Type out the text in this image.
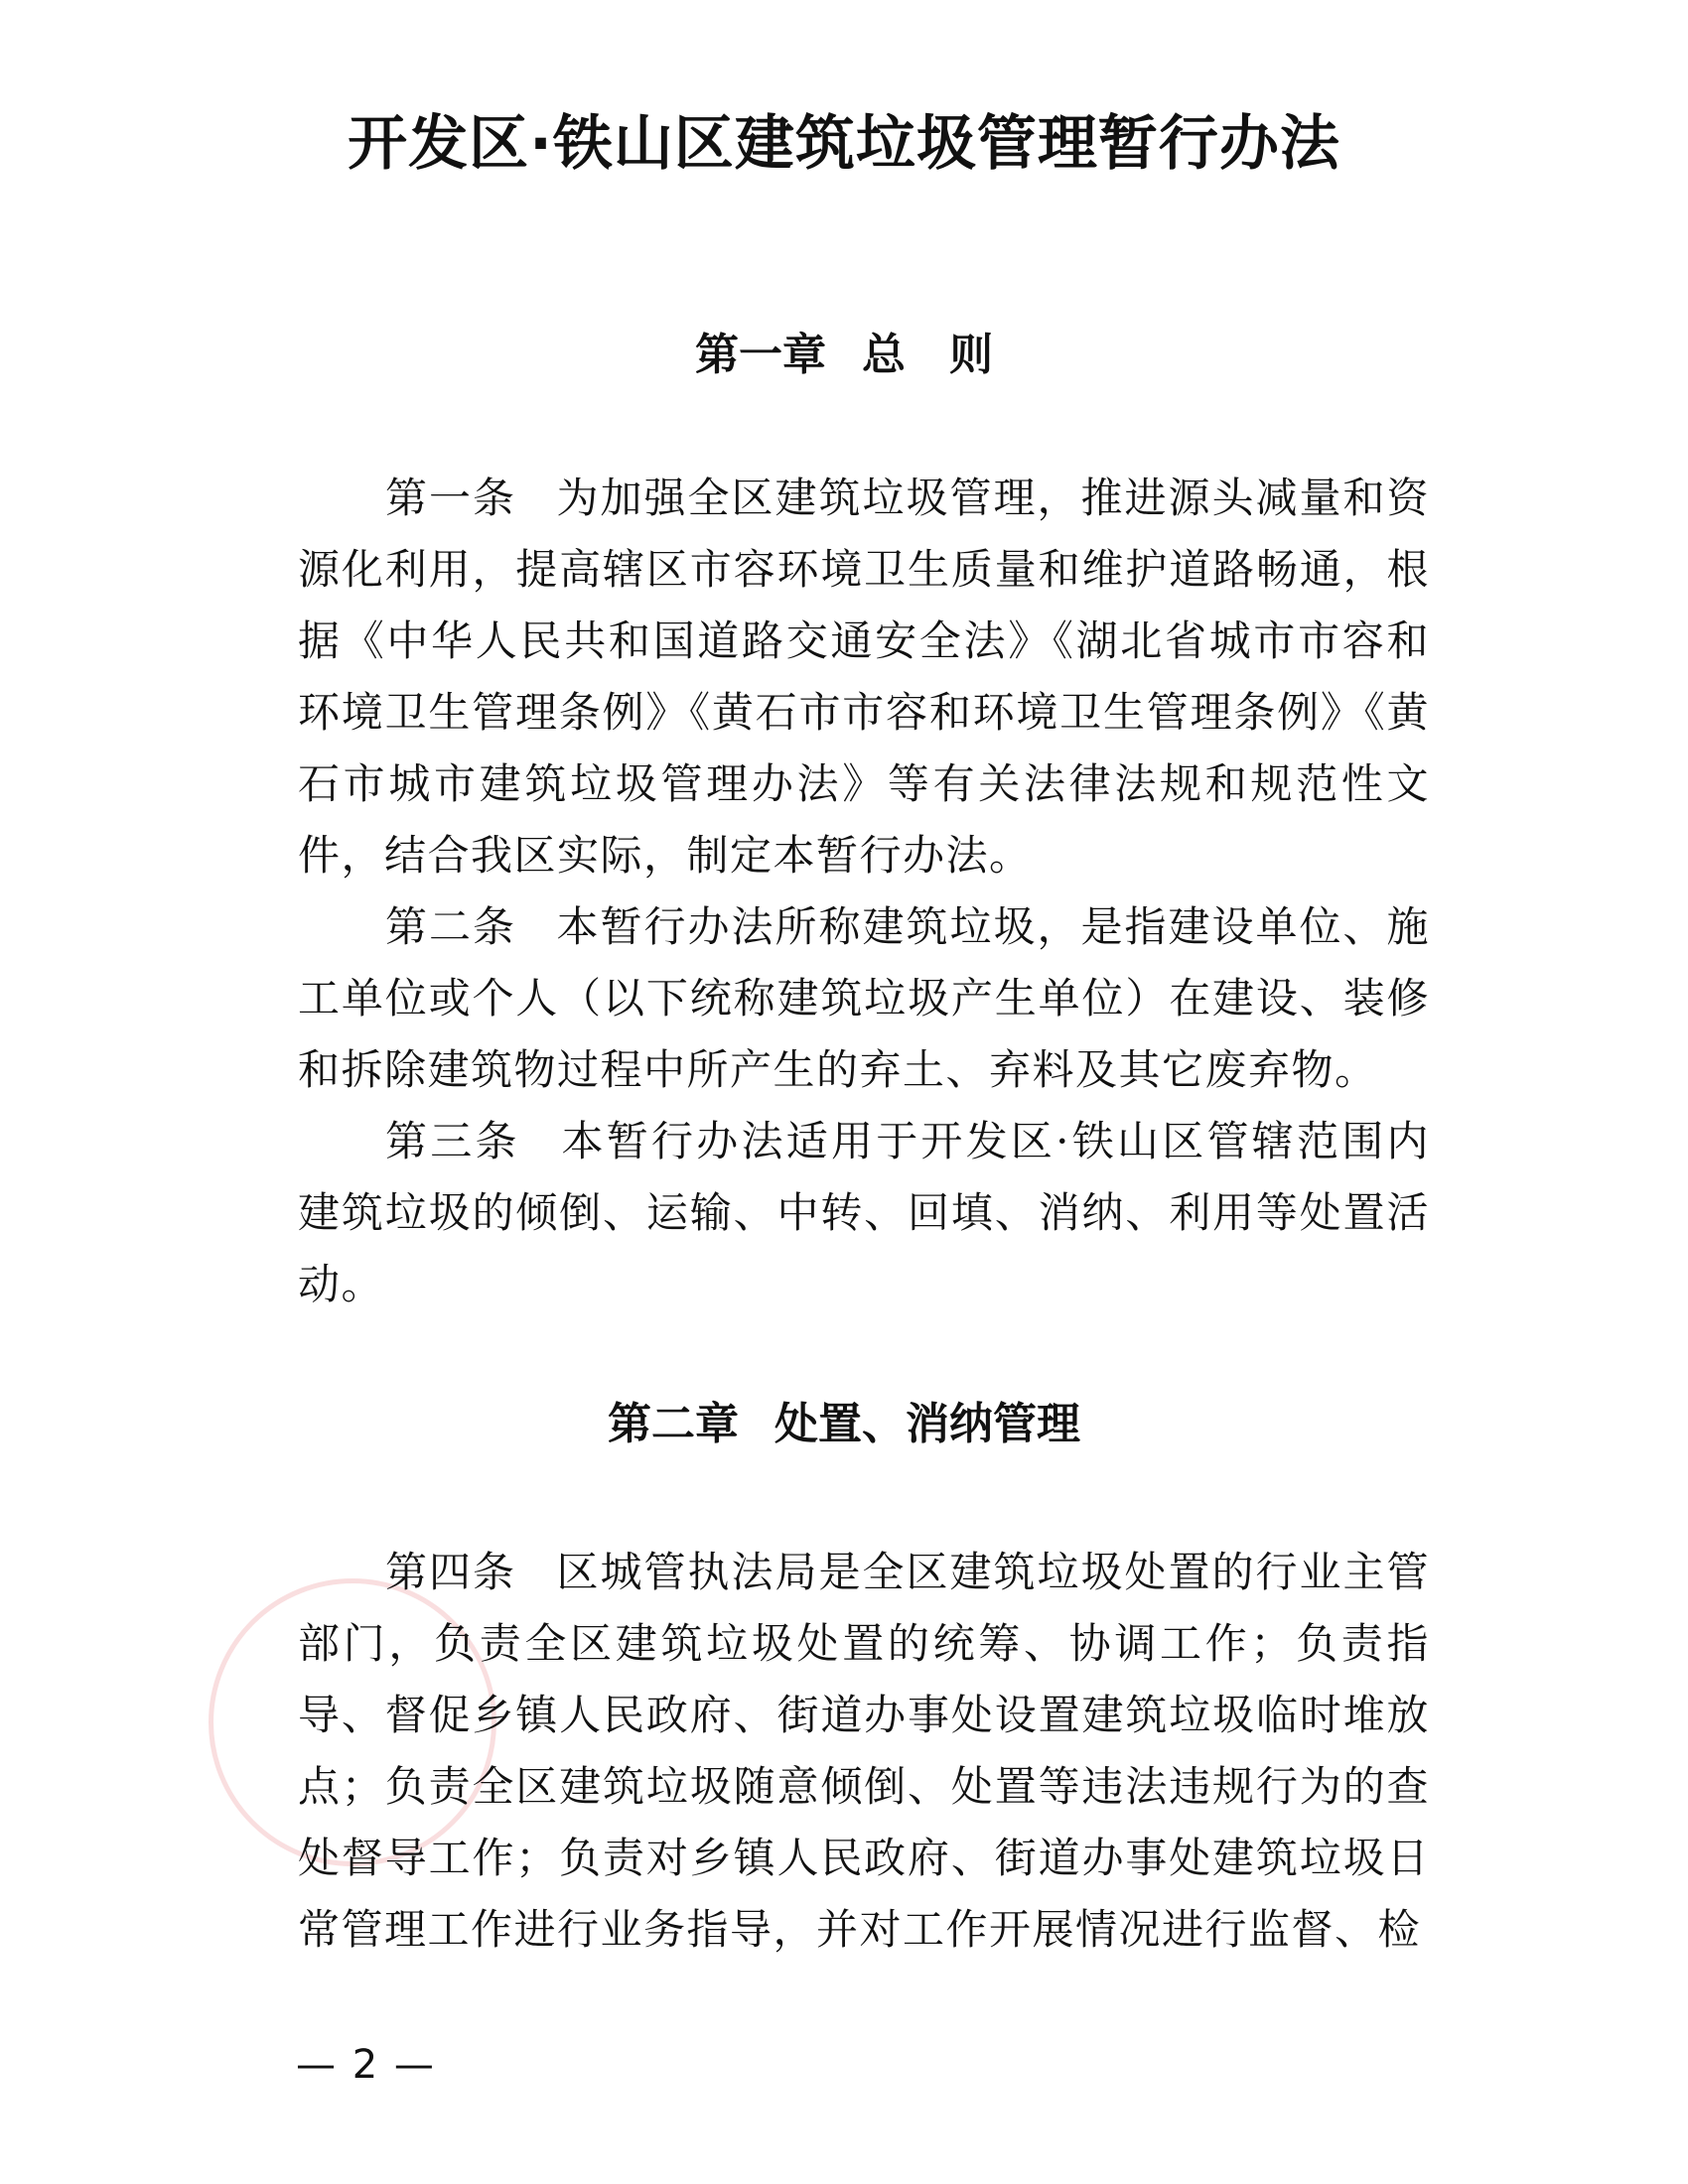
开发区·铁山区建筑垃圾管理暂行办法
第一章 总　则

第一条 为加强全区建筑垃圾管理，推进源头减量和资源化利用，提高辖区市容环境卫生质量和维护道路畅通，根据《中华人民共和国道路交通安全法》《湖北省城市市容和环境卫生管理条例》《黄石市市容和环境卫生管理条例》《黄石市城市建筑垃圾管理办法》等有关法律法规和规范性文件，结合我区实际，制定本暂行办法。

第二条 本暂行办法所称建筑垃圾，是指建设单位、施工单位或个人（以下统称建筑垃圾产生单位）在建设、装修和拆除建筑物过程中所产生的弃土、弃料及其它废弃物。

第三条 本暂行办法适用于开发区·铁山区管辖范围内建筑垃圾的倾倒、运输、中转、回填、消纳、利用等处置活动。

第二章 处置、消纳管理

第四条 区城管执法局是全区建筑垃圾处置的行业主管部门，负责全区建筑垃圾处置的统筹、协调工作；负责指导、督促乡镇人民政府、街道办事处设置建筑垃圾临时堆放点；负责全区建筑垃圾随意倾倒、处置等违法违规行为的查处督导工作；负责对乡镇人民政府、街道办事处建筑垃圾日常管理工作进行业务指导，并对工作开展情况进行监督、检

— 2 —
